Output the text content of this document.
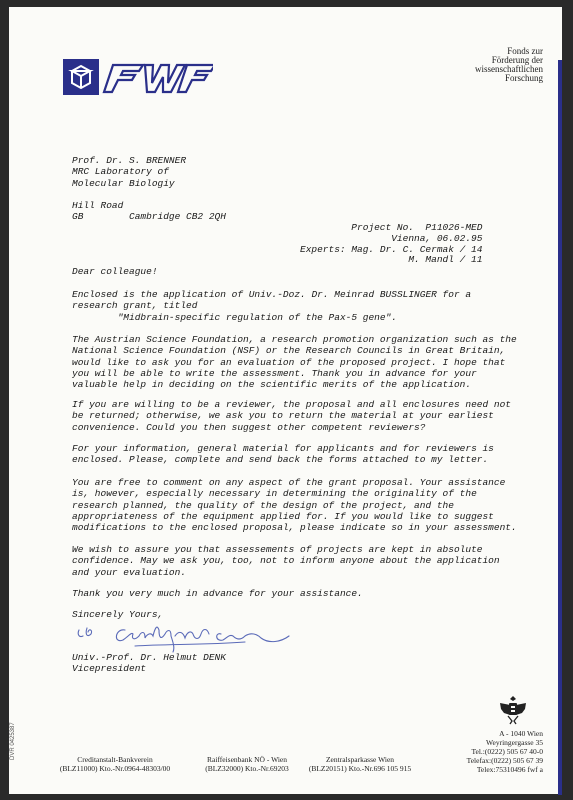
Fonds zur
Förderung der
wissenschaftlichen
Forschung
Prof. Dr. S. BRENNER
MRC Laboratory of
Molecular Biologiy
Hill Road
GB	Cambridge CB2 2QH
Project No.
P11026-MED
Vienna, 06.02.95
Experts:
Mag. Dr. C. Cermak / 14
M. Mandl / 11
Dear colleague!
Enclosed is the application of Univ.-Doz. Dr. Meinrad BUSSLINGER for a
research grant, titled
"Midbrain-specific regulation of the Pax-5 gene".
The Austrian Science Foundation, a research promotion organization such as the
National Science Foundation (NSF) or the Research Councils in Great Britain,
would like to ask you for an evaluation of the proposed project. I hope that
you will be able to write the assessment. Thank you in advance for your
valuable help in deciding on the scientific merits of the application.
If you are willing to be a reviewer, the proposal and all enclosures need not
be returned; otherwise, we ask you to return the material at your earliest
convenience. Could you then suggest other competent reviewers?
For your information, general material for applicants and for reviewers is
enclosed. Please, complete and send back the forms attached to my letter.
You are free to comment on any aspect of the grant proposal. Your assistance
is, however, especially necessary in determining the originality of the
research planned, the quality of the design of the project, and the
appropriateness of the equipment applied for. If you would like to suggest
modifications to the enclosed proposal, please indicate so in your assessment.
We wish to assure you that assessements of projects are kept in absolute
confidence. May we ask you, too, not to inform anyone about the application
and your evaluation.
Thank you very much in advance for your assistance.
Sincerely Yours,
Univ.-Prof. Dr. Helmut DENK
Vicepresident
Creditanstalt-Bankverein
(BLZ11000) Kto.-Nr.0964-48303/00
Raiffeisenbank NÖ - Wien
(BLZ32000) Kto.-Nr.69203
Zentralsparkasse Wien
(BLZ20151) Kto.-Nr.696 105 915
A - 1040 Wien
Weyringergasse 35
Tel.:(0222) 505 67 40-0
Telefax:(0222) 505 67 39
Telex:75310496 fwf a
DVR 0425387
